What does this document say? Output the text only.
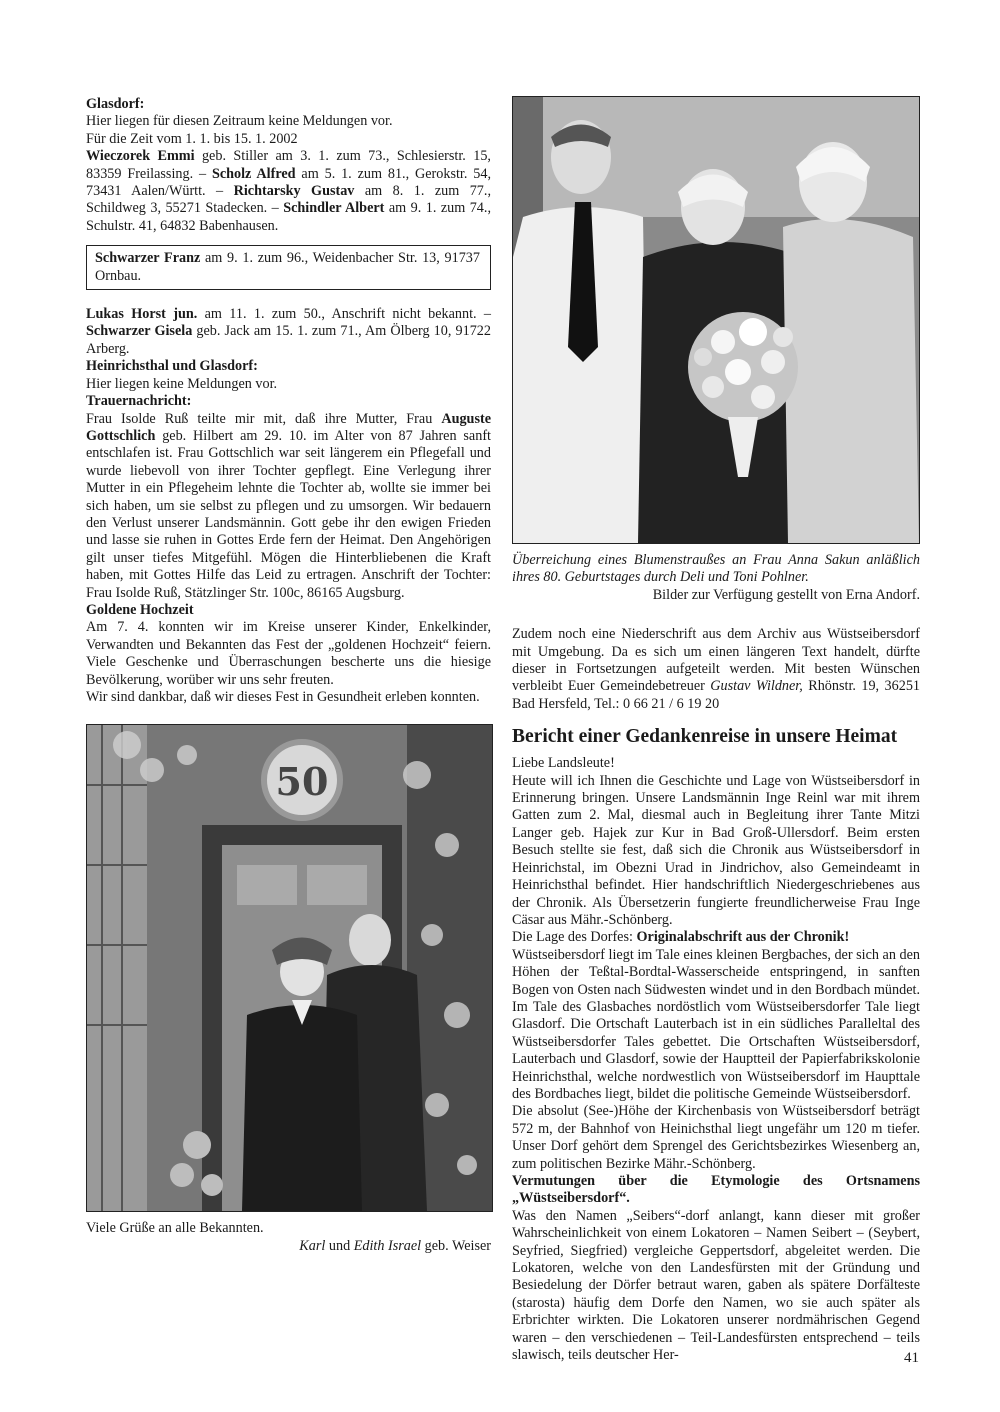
Glasdorf:

Hier liegen für diesen Zeitraum keine Meldungen vor.

Für die Zeit vom 1. 1. bis 15. 1. 2002

Wieczorek Emmi geb. Stiller am 3. 1. zum 73., Schlesierstr. 15, 83359 Freilassing. – Scholz Alfred am 5. 1. zum 81., Gerokstr. 54, 73431 Aalen/Württ. – Richtarsky Gustav am 8. 1. zum 77., Schildweg 3, 55271 Stadecken. – Schindler Albert am 9. 1. zum 74., Schulstr. 41, 64832 Babenhausen.

Schwarzer Franz am 9. 1. zum 96., Weidenbacher Str. 13, 91737 Ornbau.

Lukas Horst jun. am 11. 1. zum 50., Anschrift nicht bekannt. – Schwarzer Gisela geb. Jack am 15. 1. zum 71., Am Ölberg 10, 91722 Arberg.

Heinrichsthal und Glasdorf:

Hier liegen keine Meldungen vor.

Trauernachricht:

Frau Isolde Ruß teilte mir mit, daß ihre Mutter, Frau Auguste Gottschlich geb. Hilbert am 29. 10. im Alter von 87 Jahren sanft entschlafen ist. Frau Gottschlich war seit längerem ein Pflegefall und wurde liebevoll von ihrer Tochter gepflegt. Eine Verlegung ihrer Mutter in ein Pflegeheim lehnte die Tochter ab, wollte sie immer bei sich haben, um sie selbst zu pflegen und zu umsorgen. Wir bedauern den Verlust unserer Landsmännin. Gott gebe ihr den ewigen Frieden und lasse sie ruhen in Gottes Erde fern der Heimat. Den Angehörigen gilt unser tiefes Mitgefühl. Mögen die Hinterbliebenen die Kraft haben, mit Gottes Hilfe das Leid zu ertragen. Anschrift der Tochter: Frau Isolde Ruß, Stätzlinger Str. 100c, 86165 Augsburg.

Goldene Hochzeit

Am 7. 4. konnten wir im Kreise unserer Kinder, Enkelkinder, Verwandten und Bekannten das Fest der „goldenen Hochzeit“ feiern. Viele Geschenke und Überraschungen bescherte uns die hiesige Bevölkerung, worüber wir uns sehr freuten.

Wir sind dankbar, daß wir dieses Fest in Gesundheit erleben konnten.

50

Viele Grüße an alle Bekannten.

Karl und Edith Israel geb. Weiser

Überreichung eines Blumenstraußes an Frau Anna Sakun anläßlich ihres 80. Geburtstages durch Deli und Toni Pohlner.

Bilder zur Verfügung gestellt von Erna Andorf.

Zudem noch eine Niederschrift aus dem Archiv aus Wüstseibersdorf mit Umgebung. Da es sich um einen längeren Text handelt, dürfte dieser in Fortsetzungen aufgeteilt werden. Mit besten Wünschen verbleibt Euer Gemeindebetreuer Gustav Wildner, Rhönstr. 19, 36251 Bad Hersfeld, Tel.: 0 66 21 / 6 19 20

Bericht einer Gedankenreise in unsere Heimat

Liebe Landsleute!

Heute will ich Ihnen die Geschichte und Lage von Wüstseibersdorf in Erinnerung bringen. Unsere Landsmännin Inge Reinl war mit ihrem Gatten zum 2. Mal, diesmal auch in Begleitung ihrer Tante Mitzi Langer geb. Hajek zur Kur in Bad Groß-Ullersdorf. Beim ersten Besuch stellte sie fest, daß sich die Chronik aus Wüstseibersdorf in Heinrichstal, im Obezni Urad in Jindrichov, also Gemeindeamt in Heinrichsthal befindet. Hier handschriftlich Niedergeschriebenes aus der Chronik. Als Übersetzerin fungierte freundlicherweise Frau Inge Cäsar aus Mähr.-Schönberg.

Die Lage des Dorfes: Originalabschrift aus der Chronik!

Wüstseibersdorf liegt im Tale eines kleinen Bergbaches, der sich an den Höhen der Teßtal-Bordtal-Wasserscheide entspringend, in sanften Bogen von Osten nach Südwesten windet und in den Bordbach mündet. Im Tale des Glasbaches nordöstlich vom Wüstseibersdorfer Tale liegt Glasdorf. Die Ortschaft Lauterbach ist in ein südliches Paralleltal des Wüstseibersdorfer Tales gebettet. Die Ortschaften Wüstseibersdorf, Lauterbach und Glasdorf, sowie der Hauptteil der Papierfabrikskolonie Heinrichsthal, welche nordwestlich von Wüstseibersdorf im Haupttale des Bordbaches liegt, bildet die politische Gemeinde Wüstseibersdorf.

Die absolut (See-)Höhe der Kirchenbasis von Wüstseibersdorf beträgt 572 m, der Bahnhof von Heinichsthal liegt ungefähr um 120 m tiefer. Unser Dorf gehört dem Sprengel des Gerichtsbezirkes Wiesenberg an, zum politischen Bezirke Mähr.-Schönberg.

Vermutungen über die Etymologie des Ortsnamens „Wüstseibersdorf“.

Was den Namen „Seibers“-dorf anlangt, kann dieser mit großer Wahrscheinlichkeit von einem Lokatoren – Namen Seibert – (Seybert, Seyfried, Siegfried) vergleiche Geppertsdorf, abgeleitet werden. Die Lokatoren, welche von den Landesfürsten mit der Gründung und Besiedelung der Dörfer betraut waren, gaben als spätere Dorfälteste (starosta) häufig dem Dorfe den Namen, wo sie auch später als Erbrichter wirkten. Die Lokatoren unserer nordmährischen Gegend waren – den verschiedenen – Teil-Landesfürsten entsprechend – teils slawisch, teils deutscher Her-	41
